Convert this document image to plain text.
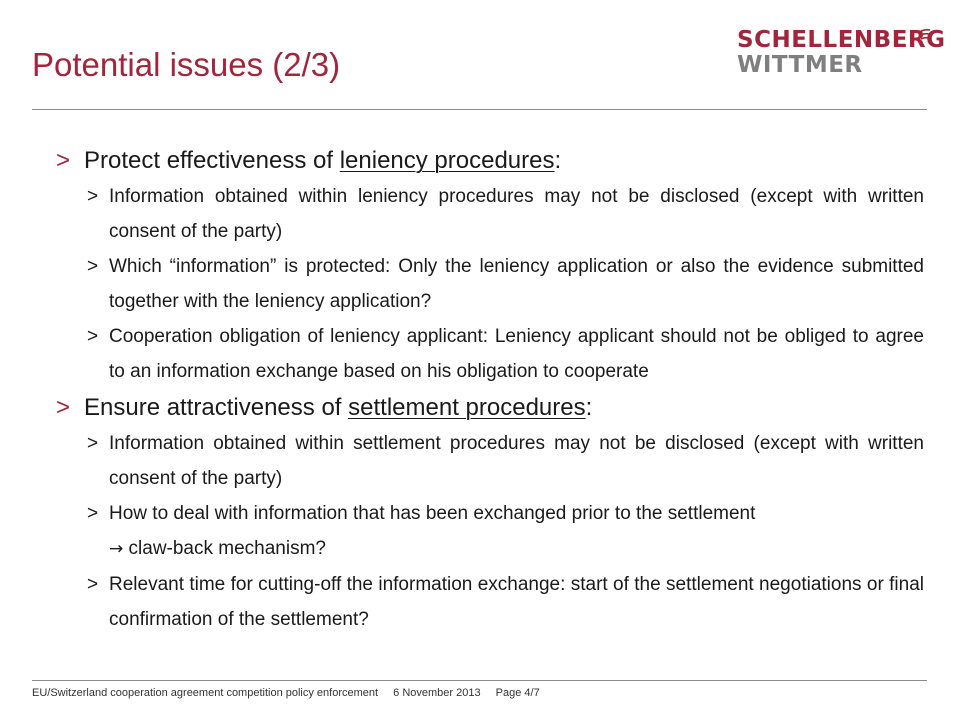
Potential issues (2/3)
SCHELLENBERG
WITTMER
> Protect effectiveness of leniency procedures:
> Information obtained within leniency procedures may not be disclosed (except with written consent of the party)
> Which “information” is protected: Only the leniency application or also the evidence submitted together with the leniency application?
> Cooperation obligation of leniency applicant: Leniency applicant should not be obliged to agree to an information exchange based on his obligation to cooperate
> Ensure attractiveness of settlement procedures:
> Information obtained within settlement procedures may not be disclosed (except with written consent of the party)
> How to deal with information that has been exchanged prior to the settlement
→ claw-back mechanism?
> Relevant time for cutting-off the information exchange: start of the settlement negotiations or final confirmation of the settlement?
EU/Switzerland cooperation agreement competition policy enforcement 6 November 2013 Page 4/7
